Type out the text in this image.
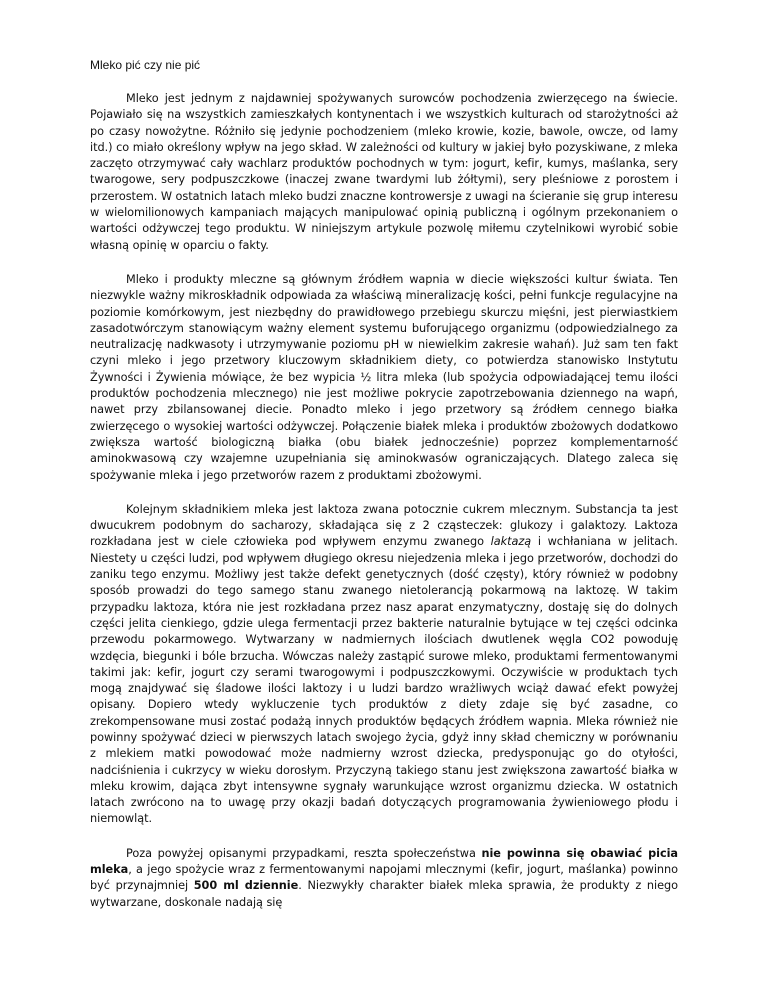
Mleko pić czy nie pić

Mleko jest jednym z najdawniej spożywanych surowców pochodzenia zwierzęcego na świecie. Pojawiało się na wszystkich zamieszkałych kontynentach i we wszystkich kulturach od starożytności aż po czasy nowożytne. Różniło się jedynie pochodzeniem (mleko krowie, kozie, bawole, owcze, od lamy itd.) co miało określony wpływ na jego skład. W zależności od kultury w jakiej było pozyskiwane, z mleka zaczęto otrzymywać cały wachlarz produktów pochodnych w tym: jogurt, kefir, kumys, maślanka, sery twarogowe, sery podpuszczkowe (inaczej zwane twardymi lub żółtymi), sery pleśniowe z porostem i przerostem. W ostatnich latach mleko budzi znaczne kontrowersje z uwagi na ścieranie się grup interesu w wielomilionowych kampaniach mających manipulować opinią publiczną i ogólnym przekonaniem o wartości odżywczej tego produktu. W niniejszym artykule pozwolę miłemu czytelnikowi wyrobić sobie własną opinię w oparciu o fakty.

Mleko i produkty mleczne są głównym źródłem wapnia w diecie większości kultur świata. Ten niezwykle ważny mikroskładnik odpowiada za właściwą mineralizację kości, pełni funkcje regulacyjne na poziomie komórkowym, jest niezbędny do prawidłowego przebiegu skurczu mięśni, jest pierwiastkiem zasadotwórczym stanowiącym ważny element systemu buforującego organizmu (odpowiedzialnego za neutralizację nadkwasoty i utrzymywanie poziomu pH w niewielkim zakresie wahań). Już sam ten fakt czyni mleko i jego przetwory kluczowym składnikiem diety, co potwierdza stanowisko Instytutu Żywności i Żywienia mówiące, że bez wypicia ½ litra mleka (lub spożycia odpowiadającej temu ilości produktów pochodzenia mlecznego) nie jest możliwe pokrycie zapotrzebowania dziennego na wapń, nawet przy zbilansowanej diecie. Ponadto mleko i jego przetwory są źródłem cennego białka zwierzęcego o wysokiej wartości odżywczej. Połączenie białek mleka i produktów zbożowych dodatkowo zwiększa wartość biologiczną białka (obu białek jednocześnie) poprzez komplementarność aminokwasową czy wzajemne uzupełniania się aminokwasów ograniczających. Dlatego zaleca się spożywanie mleka i jego przetworów razem z produktami zbożowymi.

Kolejnym składnikiem mleka jest laktoza zwana potocznie cukrem mlecznym. Substancja ta jest dwucukrem podobnym do sacharozy, składająca się z 2 cząsteczek: glukozy i galaktozy. Laktoza rozkładana jest w ciele człowieka pod wpływem enzymu zwanego laktazą i wchłaniana w jelitach. Niestety u części ludzi, pod wpływem długiego okresu niejedzenia mleka i jego przetworów, dochodzi do zaniku tego enzymu. Możliwy jest także defekt genetycznych (dość częsty), który również w podobny sposób prowadzi do tego samego stanu zwanego nietolerancją pokarmową na laktozę. W takim przypadku laktoza, która nie jest rozkładana przez nasz aparat enzymatyczny, dostaję się do dolnych części jelita cienkiego, gdzie ulega fermentacji przez bakterie naturalnie bytujące w tej części odcinka przewodu pokarmowego. Wytwarzany w nadmiernych ilościach dwutlenek węgla CO2 powoduję wzdęcia, biegunki i bóle brzucha. Wówczas należy zastąpić surowe mleko, produktami fermentowanymi takimi jak: kefir, jogurt czy serami twarogowymi i podpuszczkowymi. Oczywiście w produktach tych mogą znajdywać się śladowe ilości laktozy i u ludzi bardzo wrażliwych wciąż dawać efekt powyżej opisany. Dopiero wtedy wykluczenie tych produktów z diety zdaje się być zasadne, co zrekompensowane musi zostać podażą innych produktów będących źródłem wapnia. Mleka również nie powinny spożywać dzieci w pierwszych latach swojego życia, gdyż inny skład chemiczny w porównaniu z mlekiem matki powodować może nadmierny wzrost dziecka, predysponując go do otyłości, nadciśnienia i cukrzycy w wieku dorosłym. Przyczyną takiego stanu jest zwiększona zawartość białka w mleku krowim, dająca zbyt intensywne sygnały warunkujące wzrost organizmu dziecka. W ostatnich latach zwrócono na to uwagę przy okazji badań dotyczących programowania żywieniowego płodu i niemowląt.

Poza powyżej opisanymi przypadkami, reszta społeczeństwa nie powinna się obawiać picia mleka, a jego spożycie wraz z fermentowanymi napojami mlecznymi (kefir, jogurt, maślanka) powinno być przynajmniej 500 ml dziennie. Niezwykły charakter białek mleka sprawia, że produkty z niego wytwarzane, doskonale nadają się
